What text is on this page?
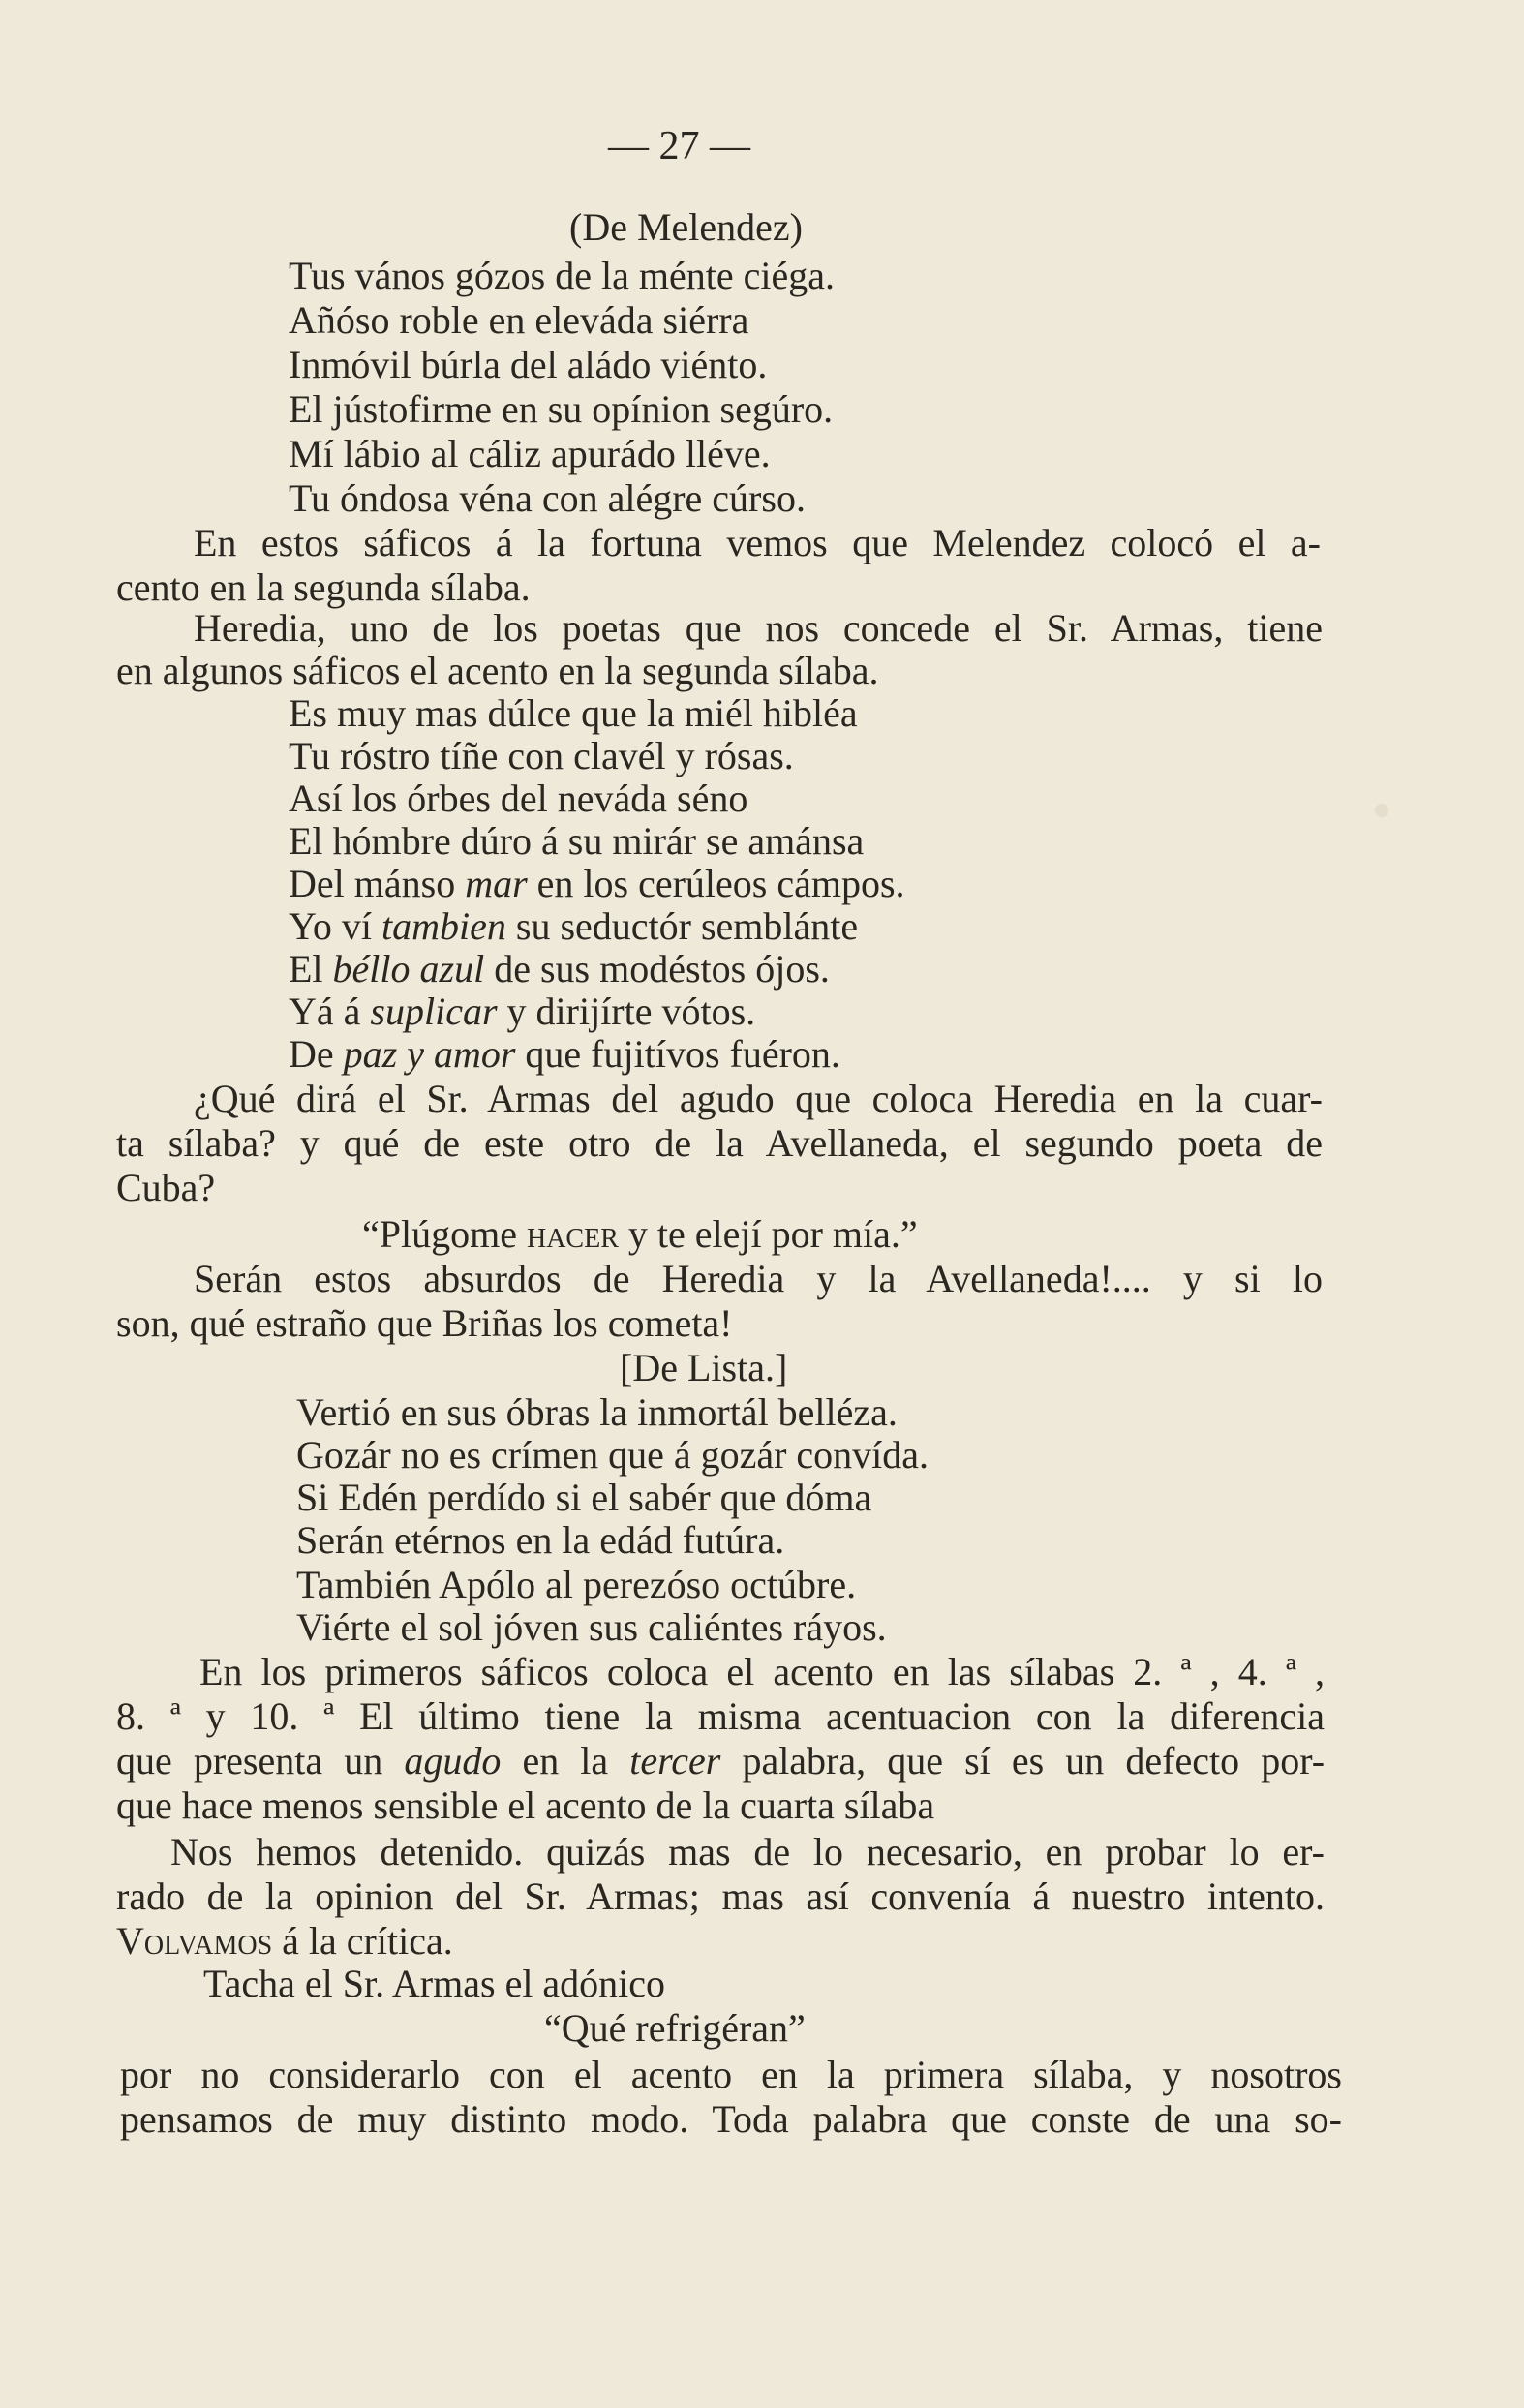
— 27 —
(De Melendez)
Tus vános gózos de la ménte ciéga.
Añóso roble en eleváda siérra
Inmóvil búrla del aládo viénto.
El jústofirme en su opínion segúro.
Mí lábio al cáliz apurádo lléve.
Tu óndosa véna con alégre cúrso.
En estos sáficos á la fortuna vemos que Melendez colocó el a-
cento en la segunda sílaba.
Heredia, uno de los poetas que nos concede el Sr. Armas, tiene
en algunos sáficos el acento en la segunda sílaba.
Es muy mas dúlce que la miél hibléa
Tu róstro tíñe con clavél y rósas.
Así los órbes del neváda séno
El hómbre dúro á su mirár se amánsa
Del mánso mar en los cerúleos cámpos.
Yo ví tambien su seductór semblánte
El béllo azul de sus modéstos ójos.
Yá á suplicar y dirijírte vótos.
De paz y amor que fujitívos fuéron.
¿Qué dirá el Sr. Armas del agudo que coloca Heredia en la cuar-
ta sílaba? y qué de este otro de la Avellaneda, el segundo poeta de
Cuba?
“Plúgome hacer y te elejí por mía.”
Serán estos absurdos de Heredia y la Avellaneda!.... y si lo
son, qué estraño que Briñas los cometa!
[De Lista.]
Vertió en sus óbras la inmortál belléza.
Gozár no es crímen que á gozár convída.
Si Edén perdído si el sabér que dóma
Serán etérnos en la edád futúra.
También Apólo al perezóso octúbre.
Viérte el sol jóven sus caliéntes ráyos.
En los primeros sáficos coloca el acento en las sílabas 2. ª , 4. ª ,
8. ª y 10. ª El último tiene la misma acentuacion con la diferencia
que presenta un agudo en la tercer palabra, que sí es un defecto por-
que hace menos sensible el acento de la cuarta sílaba
Nos hemos detenido. quizás mas de lo necesario, en probar lo er-
rado de la opinion del Sr. Armas; mas así convenía á nuestro intento.
Volvamos á la crítica.
Tacha el Sr. Armas el adónico
“Qué refrigéran”
por no considerarlo con el acento en la primera sílaba, y nosotros
pensamos de muy distinto modo. Toda palabra que conste de una so-
